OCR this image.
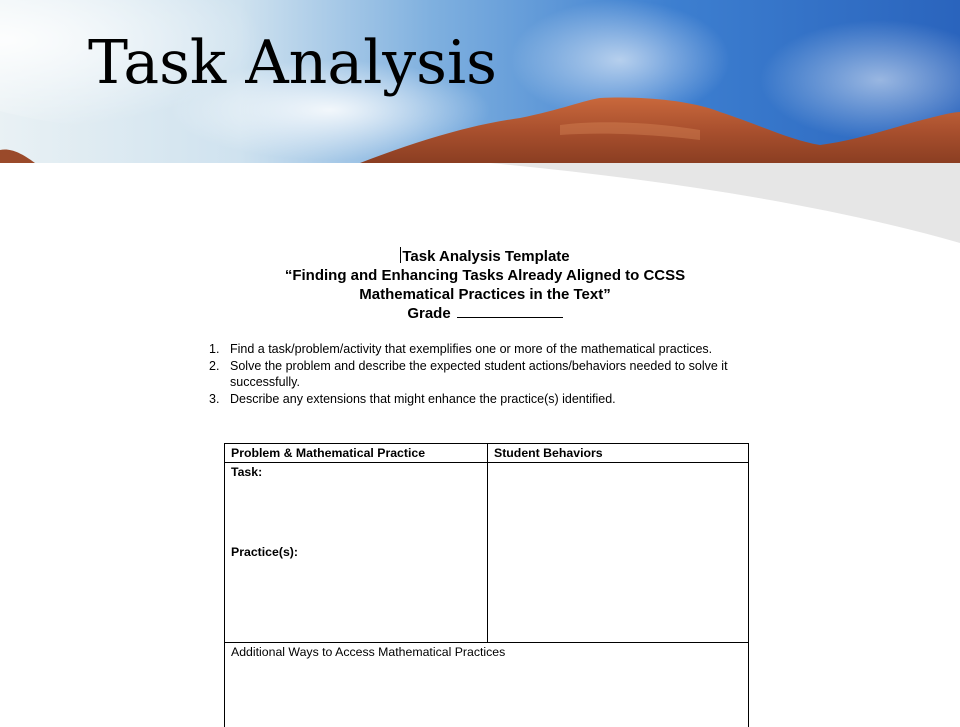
Task Analysis
Task Analysis Template
“Finding and Enhancing Tasks Already Aligned to CCSS
Mathematical Practices in the Text”
Grade
1. Find a task/problem/activity that exemplifies one or more of the mathematical practices.
2. Solve the problem and describe the expected student actions/behaviors needed to solve it successfully.
3. Describe any extensions that might enhance the practice(s) identified.
Problem & Mathematical Practice	Student Behaviors

Task:
Practice(s):	

Additional Ways to Access Mathematical Practices	
